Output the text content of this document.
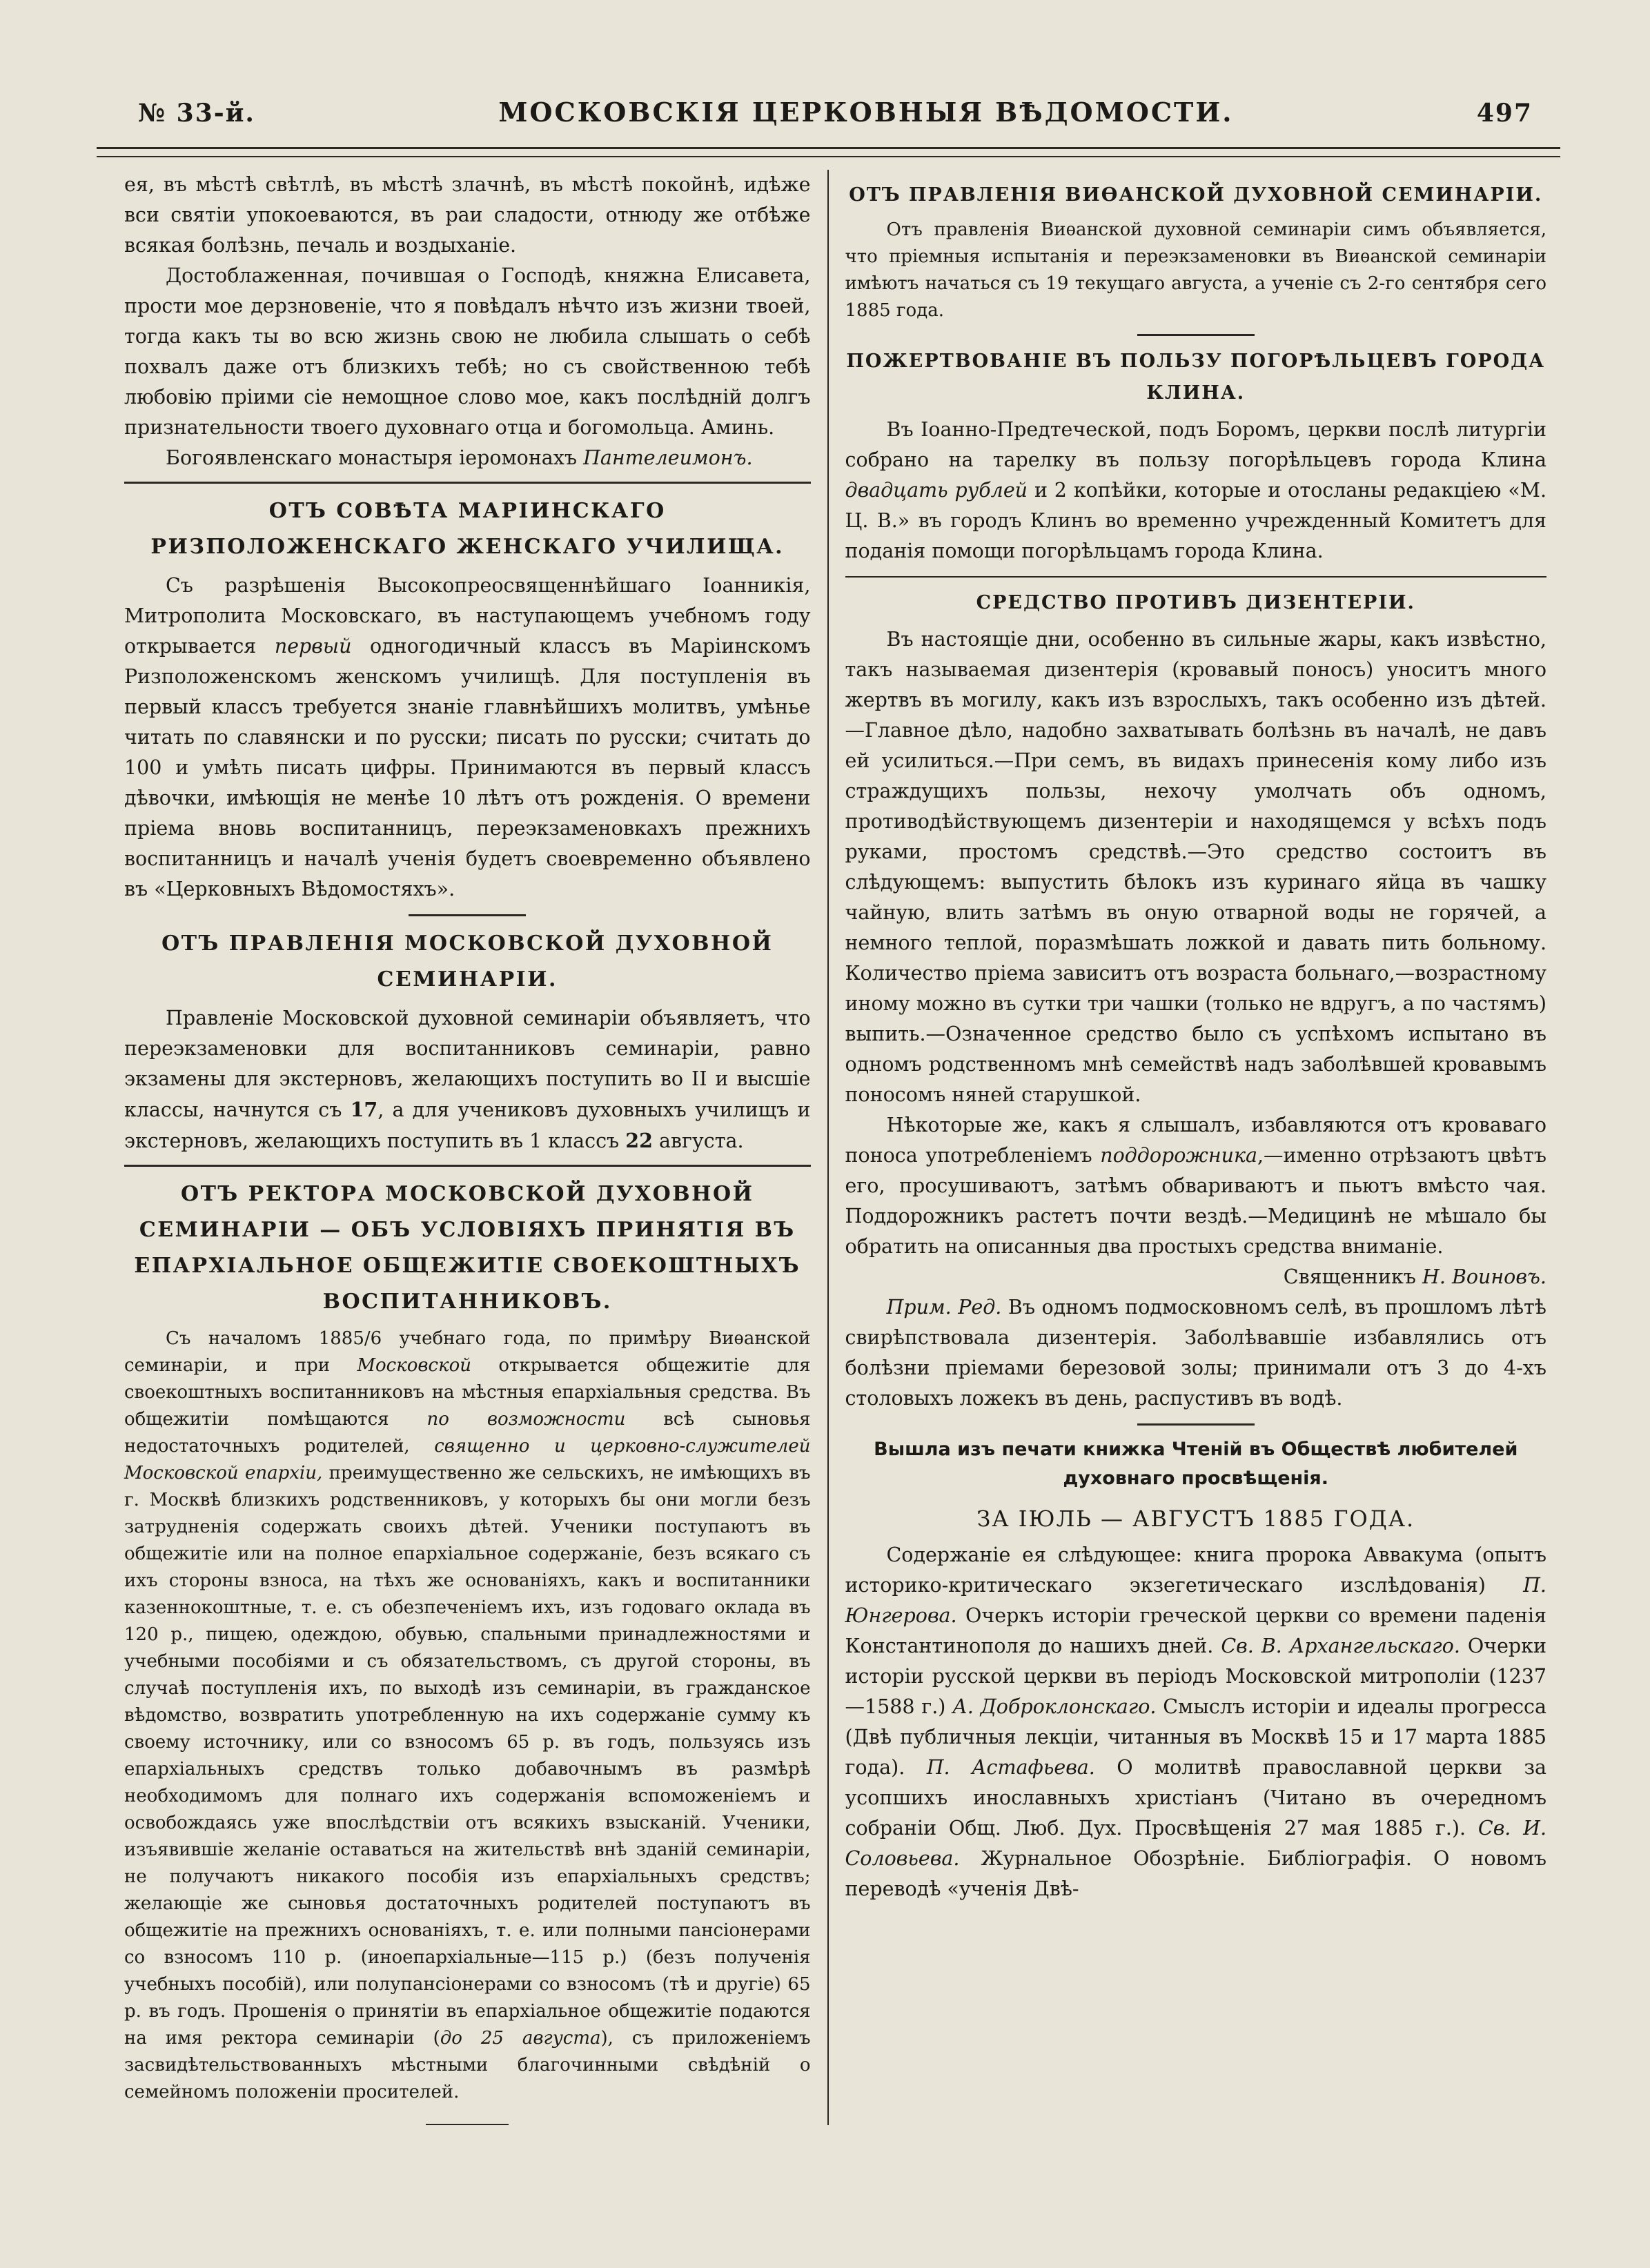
№ 33-й.	МОСКОВСКІЯ ЦЕРКОВНЫЯ ВѢДОМОСТИ.	497

ея, въ мѣстѣ свѣтлѣ, въ мѣстѣ злачнѣ, въ мѣстѣ покойнѣ, идѣже вси святіи упокоеваются, въ раи сладости, отнюду же отбѣже всякая болѣзнь, печаль и воздыханіе.

Достоблаженная, почившая о Господѣ, княжна Елисавета, прости мое дерзновеніе, что я повѣдалъ нѣчто изъ жизни твоей, тогда какъ ты во всю жизнь свою не любила слышать о себѣ похвалъ даже отъ близкихъ тебѣ; но съ свойственною тебѣ любовію пріими сіе немощное слово мое, какъ послѣдній долгъ признательности твоего духовнаго отца и богомольца. Аминь.

Богоявленскаго монастыря іеромонахъ Пантелеимонъ.

ОТЪ СОВѢТА МАРІИНСКАГО РИЗПОЛОЖЕНСКАГО ЖЕНСКАГО УЧИЛИЩА.

Съ разрѣшенія Высокопреосвященнѣйшаго Іоанникія, Митрополита Московскаго, въ наступающемъ учебномъ году открывается первый одногодичный классъ въ Маріинскомъ Ризположенскомъ женскомъ училищѣ. Для поступленія въ первый классъ требуется знаніе главнѣйшихъ молитвъ, умѣнье читать по славянски и по русски; писать по русски; считать до 100 и умѣть писать цифры. Принимаются въ первый классъ дѣвочки, имѣющія не менѣе 10 лѣтъ отъ рожденія. О времени пріема вновь воспитанницъ, переэкзаменовкахъ прежнихъ воспитанницъ и началѣ ученія будетъ своевременно объявлено въ «Церковныхъ Вѣдомостяхъ».

ОТЪ ПРАВЛЕНІЯ МОСКОВСКОЙ ДУХОВНОЙ СЕМИНАРІИ.

Правленіе Московской духовной семинаріи объявляетъ, что переэкзаменовки для воспитанниковъ семинаріи, равно экзамены для экстерновъ, желающихъ поступить во II и высшіе классы, начнутся съ 17, а для учениковъ духовныхъ училищъ и экстерновъ, желающихъ поступить въ 1 классъ 22 августа.

ОТЪ РЕКТОРА МОСКОВСКОЙ ДУХОВНОЙ СЕМИНАРІИ — ОБЪ УСЛОВІЯХЪ ПРИНЯТІЯ ВЪ ЕПАРХІАЛЬНОЕ ОБЩЕЖИТІЕ СВОЕКОШТНЫХЪ ВОСПИТАННИКОВЪ.

Съ началомъ 1885/6 учебнаго года, по примѣру Виѳанской семинаріи, и при Московской открывается общежитіе для своекоштныхъ воспитанниковъ на мѣстныя епархіальныя средства. Въ общежитіи помѣщаются по возможности всѣ сыновья недостаточныхъ родителей, священно и церковно-служителей Московской епархіи, преимущественно же сельскихъ, не имѣющихъ въ г. Москвѣ близкихъ родственниковъ, у которыхъ бы они могли безъ затрудненія содержать своихъ дѣтей. Ученики поступаютъ въ общежитіе или на полное епархіальное содержаніе, безъ всякаго съ ихъ стороны взноса, на тѣхъ же основаніяхъ, какъ и воспитанники казеннокоштные, т. е. съ обезпеченіемъ ихъ, изъ годоваго оклада въ 120 р., пищею, одеждою, обувью, спальными принадлежностями и учебными пособіями и съ обязательствомъ, съ другой стороны, въ случаѣ поступленія ихъ, по выходѣ изъ семинаріи, въ гражданское вѣдомство, возвратить употребленную на ихъ содержаніе сумму къ своему источнику, или со взносомъ 65 р. въ годъ, пользуясь изъ епархіальныхъ средствъ только добавочнымъ въ размѣрѣ необходимомъ для полнаго ихъ содержанія вспоможеніемъ и освобождаясь уже впослѣдствіи отъ всякихъ взысканій. Ученики, изъявившіе желаніе оставаться на жительствѣ внѣ зданій семинаріи, не получаютъ никакого пособія изъ епархіальныхъ средствъ; желающіе же сыновья достаточныхъ родителей поступаютъ въ общежитіе на прежнихъ основаніяхъ, т. е. или полными пансіонерами со взносомъ 110 р. (иноепархіальные—115 р.) (безъ полученія учебныхъ пособій), или полупансіонерами со взносомъ (тѣ и другіе) 65 р. въ годъ. Прошенія о принятіи въ епархіальное общежитіе подаются на имя ректора семинаріи (до 25 августа), съ приложеніемъ засвидѣтельствованныхъ мѣстными благочинными свѣдѣній о семейномъ положеніи просителей.

ОТЪ ПРАВЛЕНІЯ ВИѲАНСКОЙ ДУХОВНОЙ СЕМИНАРІИ.

Отъ правленія Виѳанской духовной семинаріи симъ объявляется, что пріемныя испытанія и переэкзаменовки въ Виѳанской семинаріи имѣютъ начаться съ 19 текущаго августа, а ученіе съ 2-го сентября сего 1885 года.

ПОЖЕРТВОВАНІЕ ВЪ ПОЛЬЗУ ПОГОРѢЛЬЦЕВЪ ГОРОДА КЛИНА.

Въ Іоанно-Предтеческой, подъ Боромъ, церкви послѣ литургіи собрано на тарелку въ пользу погорѣльцевъ города Клина двадцать рублей и 2 копѣйки, которые и отосланы редакціею «М. Ц. В.» въ городъ Клинъ во временно учрежденный Комитетъ для поданія помощи погорѣльцамъ города Клина.

СРЕДСТВО ПРОТИВЪ ДИЗЕНТЕРІИ.

Въ настоящіе дни, особенно въ сильные жары, какъ извѣстно, такъ называемая дизентерія (кровавый поносъ) уноситъ много жертвъ въ могилу, какъ изъ взрослыхъ, такъ особенно изъ дѣтей.—Главное дѣло, надобно захватывать болѣзнь въ началѣ, не давъ ей усилиться.—При семъ, въ видахъ принесенія кому либо изъ страждущихъ пользы, нехочу умолчать объ одномъ, противодѣйствующемъ дизентеріи и находящемся у всѣхъ подъ руками, простомъ средствѣ.—Это средство состоитъ въ слѣдующемъ: выпустить бѣлокъ изъ куринаго яйца въ чашку чайную, влить затѣмъ въ оную отварной воды не горячей, а немного теплой, поразмѣшать ложкой и давать пить больному. Количество пріема зависитъ отъ возраста больнаго,—возрастному иному можно въ сутки три чашки (только не вдругъ, а по частямъ) выпить.—Означенное средство было съ успѣхомъ испытано въ одномъ родственномъ мнѣ семействѣ надъ заболѣвшей кровавымъ поносомъ няней старушкой.

Нѣкоторые же, какъ я слышалъ, избавляются отъ кроваваго поноса употребленіемъ поддорожника,—именно отрѣзаютъ цвѣтъ его, просушиваютъ, затѣмъ обвариваютъ и пьютъ вмѣсто чая. Поддорожникъ растетъ почти вездѣ.—Медицинѣ не мѣшало бы обратить на описанныя два простыхъ средства вниманіе.

Священникъ Н. Воиновъ.

Прим. Ред. Въ одномъ подмосковномъ селѣ, въ прошломъ лѣтѣ свирѣпствовала дизентерія. Заболѣвавшіе избавлялись отъ болѣзни пріемами березовой золы; принимали отъ 3 до 4-хъ столовыхъ ложекъ въ день, распустивъ въ водѣ.

Вышла изъ печати книжка Чтеній въ Обществѣ любителей духовнаго просвѣщенія.
ЗА ІЮЛЬ — АВГУСТЪ 1885 ГОДА.

Содержаніе ея слѣдующее: книга пророка Аввакума (опытъ историко-критическаго экзегетическаго изслѣдованія) П. Юнгерова. Очеркъ исторіи греческой церкви со времени паденія Константинополя до нашихъ дней. Св. В. Архангельскаго. Очерки исторіи русской церкви въ періодъ Московской митрополіи (1237—1588 г.) А. Доброклонскаго. Смыслъ исторіи и идеалы прогресса (Двѣ публичныя лекціи, читанныя въ Москвѣ 15 и 17 марта 1885 года). П. Астафьева. О молитвѣ православной церкви за усопшихъ инославныхъ христіанъ (Читано въ очередномъ собраніи Общ. Люб. Дух. Просвѣщенія 27 мая 1885 г.). Св. И. Соловьева. Журнальное Обозрѣніе. Библіографія. О новомъ переводѣ «ученія Двѣ-
